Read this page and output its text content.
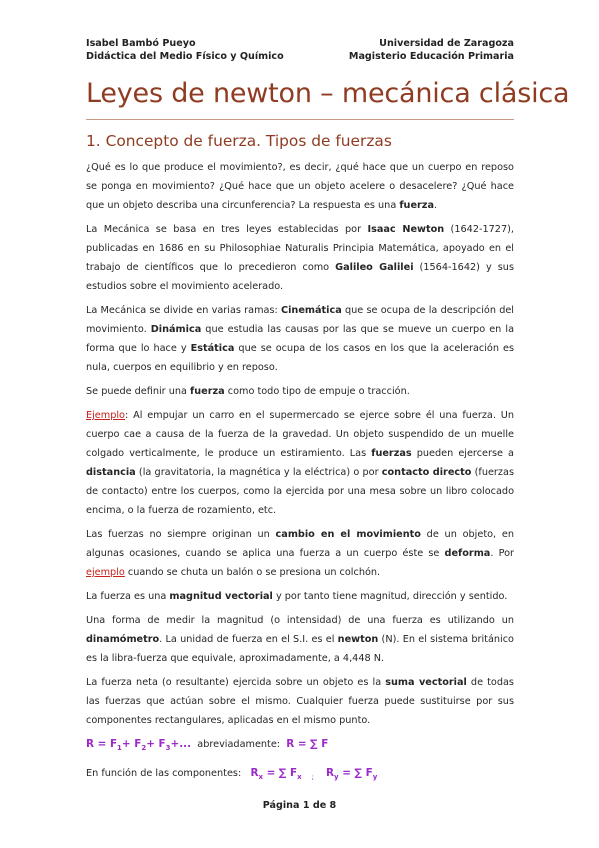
Isabel Bambó Pueyo	Universidad de Zaragoza
Didáctica del Medio Físico y Químico	Magisterio Educación Primaria
Leyes de newton – mecánica clásica
1. Concepto de fuerza. Tipos de fuerzas

¿Qué es lo que produce el movimiento?, es decir, ¿qué hace que un cuerpo en reposo se ponga en movimiento? ¿Qué hace que un objeto acelere o desacelere? ¿Qué hace que un objeto describa una circunferencia? La respuesta es una fuerza.

La Mecánica se basa en tres leyes establecidas por Isaac Newton (1642-1727), publicadas en 1686 en su Philosophiae Naturalis Principia Matemática, apoyado en el trabajo de científicos que lo precedieron como Galileo Galilei (1564-1642) y sus estudios sobre el movimiento acelerado.

La Mecánica se divide en varias ramas: Cinemática que se ocupa de la descripción del movimiento. Dinámica que estudia las causas por las que se mueve un cuerpo en la forma que lo hace y Estática que se ocupa de los casos en los que la aceleración es nula, cuerpos en equilibrio y en reposo.

Se puede definir una fuerza como todo tipo de empuje o tracción.

Ejemplo: Al empujar un carro en el supermercado se ejerce sobre él una fuerza. Un cuerpo cae a causa de la fuerza de la gravedad. Un objeto suspendido de un muelle colgado verticalmente, le produce un estiramiento. Las fuerzas pueden ejercerse a distancia (la gravitatoria, la magnética y la eléctrica) o por contacto directo (fuerzas de contacto) entre los cuerpos, como la ejercida por una mesa sobre un libro colocado encima, o la fuerza de rozamiento, etc.

Las fuerzas no siempre originan un cambio en el movimiento de un objeto, en algunas ocasiones, cuando se aplica una fuerza a un cuerpo éste se deforma. Por ejemplo cuando se chuta un balón o se presiona un colchón.

La fuerza es una magnitud vectorial y por tanto tiene magnitud, dirección y sentido.

Una forma de medir la magnitud (o intensidad) de una fuerza es utilizando un dinamómetro. La unidad de fuerza en el S.I. es el newton (N). En el sistema británico es la libra-fuerza que equivale, aproximadamente, a 4,448 N.

La fuerza neta (o resultante) ejercida sobre un objeto es la suma vectorial de todas las fuerzas que actúan sobre el mismo. Cualquier fuerza puede sustituirse por sus componentes rectangulares, aplicadas en el mismo punto.

$R = F_1+ F_2+ F_3+$...  abreviadamente:  R = ∑ F

En función de las componentes:   $R_x$ = ∑ $F_x$ $_;$ $R_y$ = ∑ $F_y$

Página 1 de 8
